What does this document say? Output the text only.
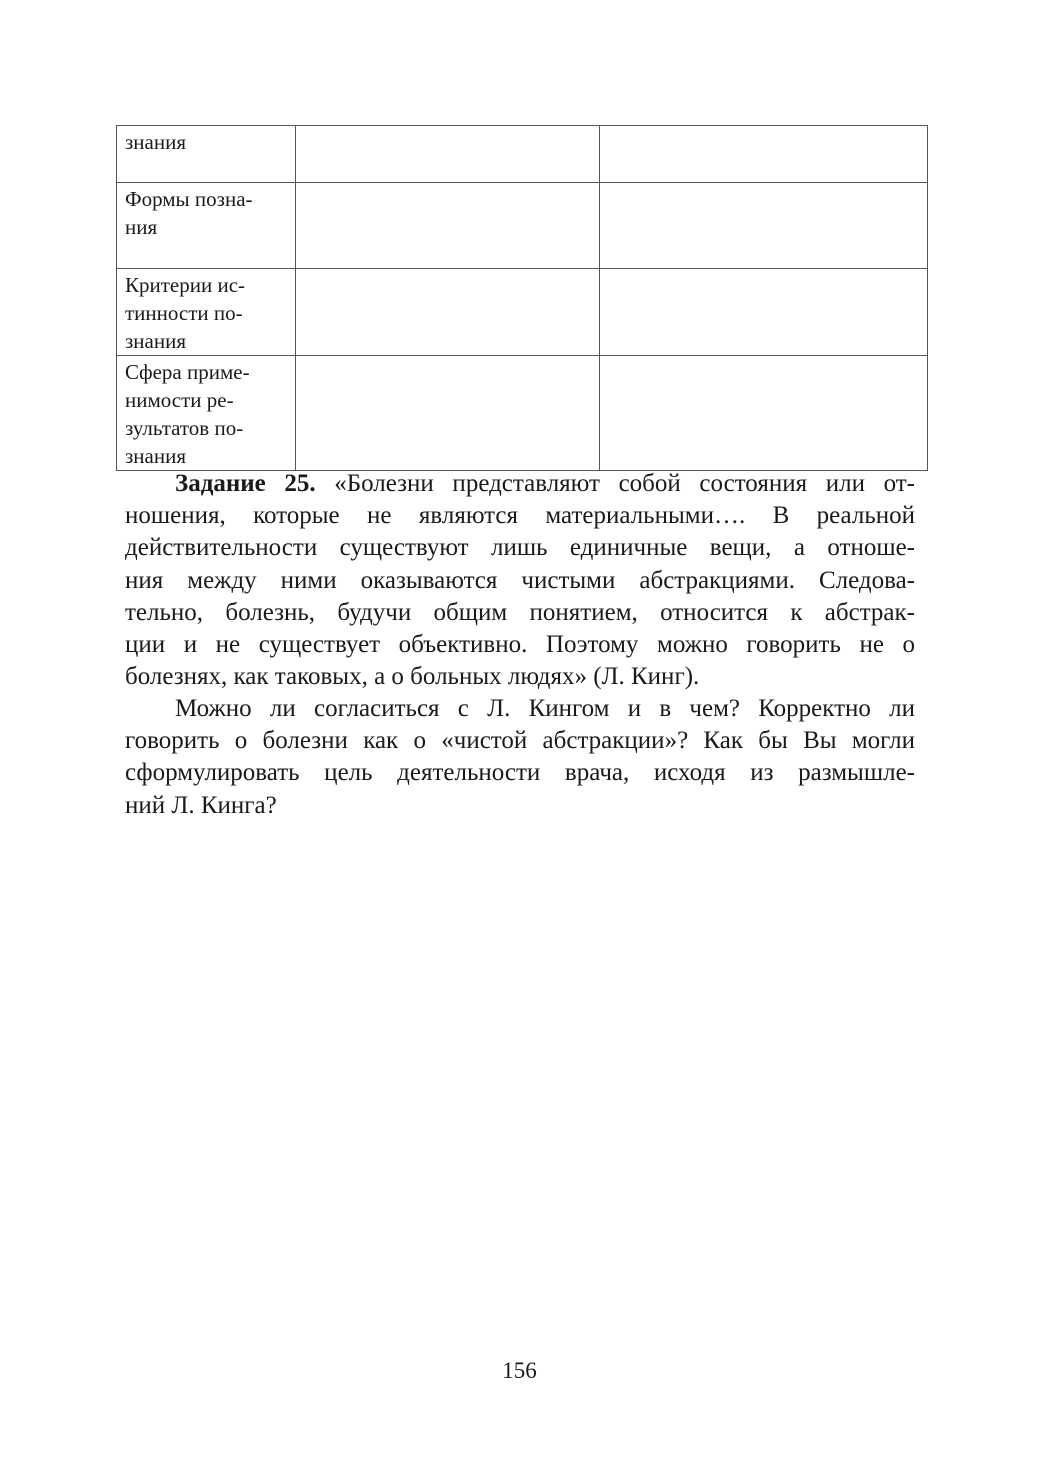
знания		

Формы позна-
ния		

Критерии ис-
тинности по-
знания		

Сфера приме-
нимости ре-
зультатов по-
знания		

Задание 25. «Болезни представляют собой состояния или от-
ношения, которые не являются материальными…. В реальной
действительности существуют лишь единичные вещи, а отноше-
ния между ними оказываются чистыми абстракциями. Следова-
тельно, болезнь, будучи общим понятием, относится к абстрак-
ции и не существует объективно. Поэтому можно говорить не о
болезнях, как таковых, а о больных людях» (Л. Кинг).
Можно ли согласиться с Л. Кингом и в чем? Корректно ли
говорить о болезни как о «чистой абстракции»? Как бы Вы могли
сформулировать цель деятельности врача, исходя из размышле-
ний Л. Кинга?
156
